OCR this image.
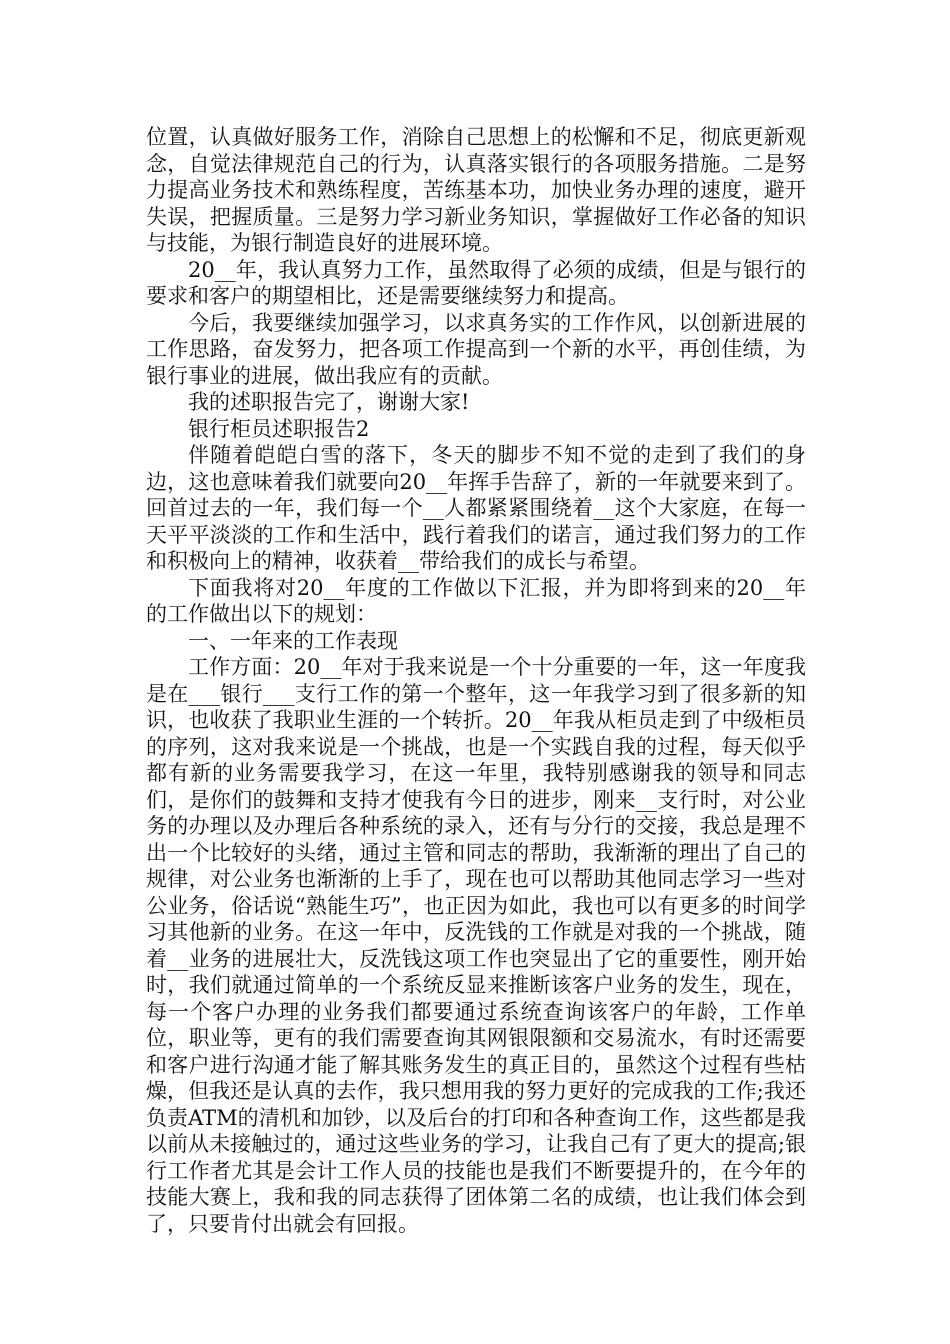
位置，认真做好服务工作，消除自己思想上的松懈和不足，彻底更新观念，自觉法律规范自己的行为，认真落实银行的各项服务措施。二是努力提高业务技术和熟练程度，苦练基本功，加快业务办理的速度，避开失误，把握质量。三是努力学习新业务知识，掌握做好工作必备的知识与技能，为银行制造良好的进展环境。

20__年，我认真努力工作，虽然取得了必须的成绩，但是与银行的要求和客户的期望相比，还是需要继续努力和提高。

今后，我要继续加强学习，以求真务实的工作作风，以创新进展的工作思路，奋发努力，把各项工作提高到一个新的水平，再创佳绩，为银行事业的进展，做出我应有的贡献。

我的述职报告完了，谢谢大家!

银行柜员述职报告2

伴随着皑皑白雪的落下，冬天的脚步不知不觉的走到了我们的身边，这也意味着我们就要向20__年挥手告辞了，新的一年就要来到了。回首过去的一年，我们每一个__人都紧紧围绕着__这个大家庭，在每一天平平淡淡的工作和生活中，践行着我们的诺言，通过我们努力的工作和积极向上的精神，收获着__带给我们的成长与希望。

下面我将对20__年度的工作做以下汇报，并为即将到来的20__年的工作做出以下的规划：

一、一年来的工作表现

工作方面：20__年对于我来说是一个十分重要的一年，这一年度我是在___银行___支行工作的第一个整年，这一年我学习到了很多新的知识，也收获了我职业生涯的一个转折。20__年我从柜员走到了中级柜员的序列，这对我来说是一个挑战，也是一个实践自我的过程，每天似乎都有新的业务需要我学习，在这一年里，我特别感谢我的领导和同志们，是你们的鼓舞和支持才使我有今日的进步，刚来__支行时，对公业务的办理以及办理后各种系统的录入，还有与分行的交接，我总是理不出一个比较好的头绪，通过主管和同志的帮助，我渐渐的理出了自己的规律，对公业务也渐渐的上手了，现在也可以帮助其他同志学习一些对公业务，俗话说“熟能生巧”，也正因为如此，我也可以有更多的时间学习其他新的业务。在这一年中，反洗钱的工作就是对我的一个挑战，随着__业务的进展壮大，反洗钱这项工作也突显出了它的重要性，刚开始时，我们就通过简单的一个系统反显来推断该客户业务的发生，现在，每一个客户办理的业务我们都要通过系统查询该客户的年龄，工作单位，职业等，更有的我们需要查询其网银限额和交易流水，有时还需要和客户进行沟通才能了解其账务发生的真正目的，虽然这个过程有些枯燥，但我还是认真的去作，我只想用我的努力更好的完成我的工作;我还负责ATM的清机和加钞，以及后台的打印和各种查询工作，这些都是我以前从未接触过的，通过这些业务的学习，让我自己有了更大的提高;银行工作者尤其是会计工作人员的技能也是我们不断要提升的，在今年的技能大赛上，我和我的同志获得了团体第二名的成绩，也让我们体会到了，只要肯付出就会有回报。
